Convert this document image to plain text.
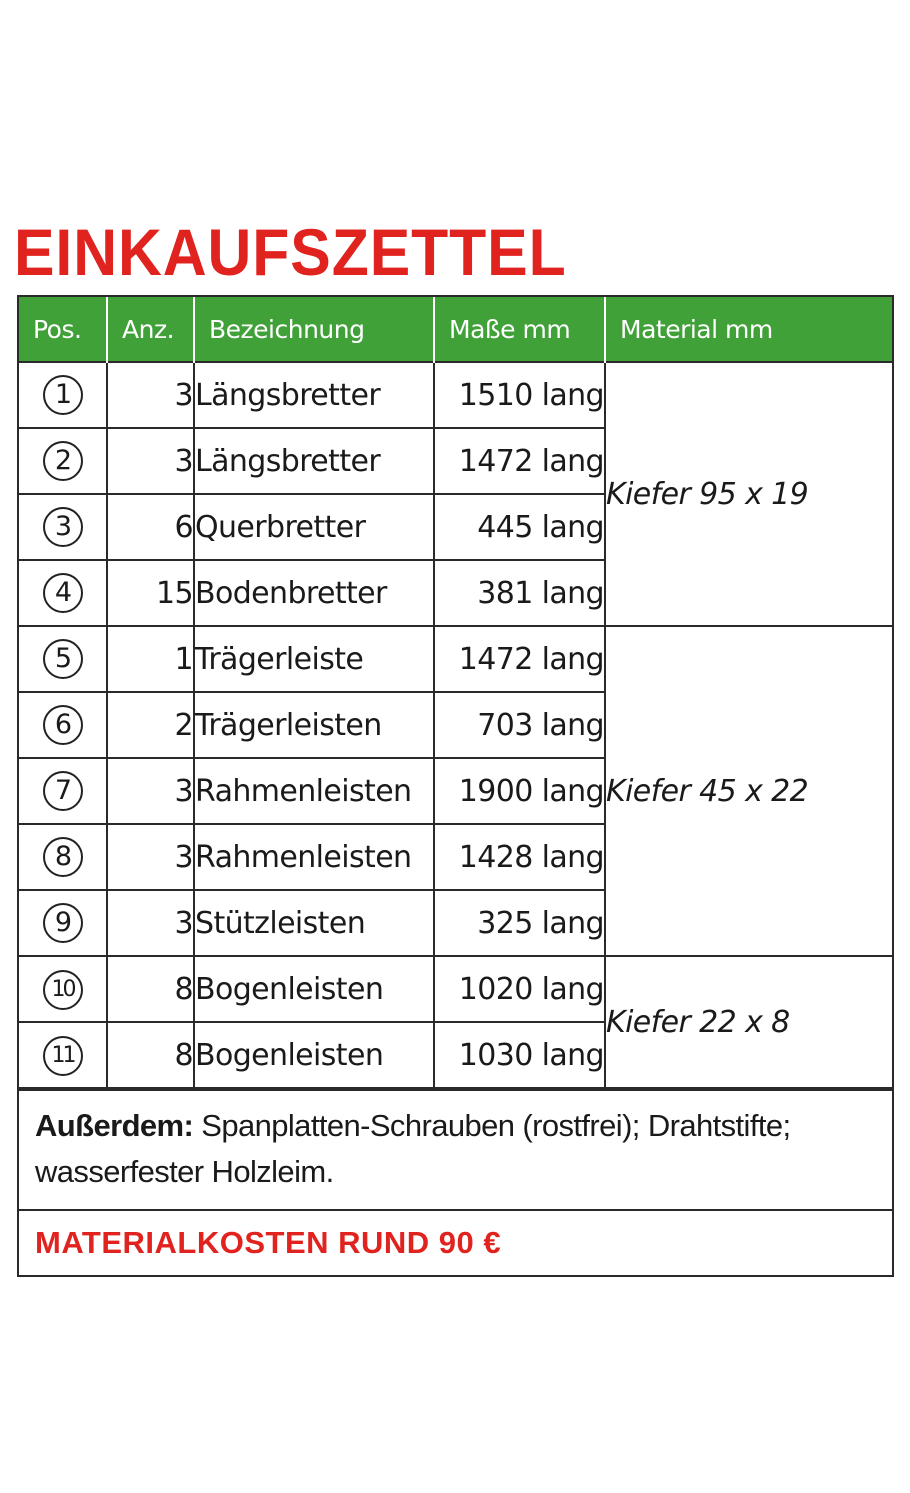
EINKAUFSZETTEL
Pos.	Anz.	Bezeichnung	Maße mm	Material mm
1	3	Längsbretter	1510 lang	Kiefer 95 x 19
2	3	Längsbretter	1472 lang	
3	6	Querbretter	445 lang	
4	15	Bodenbretter	381 lang	
5	1	Trägerleiste	1472 lang	Kiefer 45 x 22
6	2	Trägerleisten	703 lang	
7	3	Rahmenleisten	1900 lang	
8	3	Rahmenleisten	1428 lang	
9	3	Stützleisten	325 lang	
10	8	Bogenleisten	1020 lang	Kiefer 22 x 8
11	8	Bogenleisten	1030 lang	
Außerdem: Spanplatten-Schrauben (rostfrei); Drahtstifte;
wasserfester Holzleim.
MATERIALKOSTEN RUND 90 €
